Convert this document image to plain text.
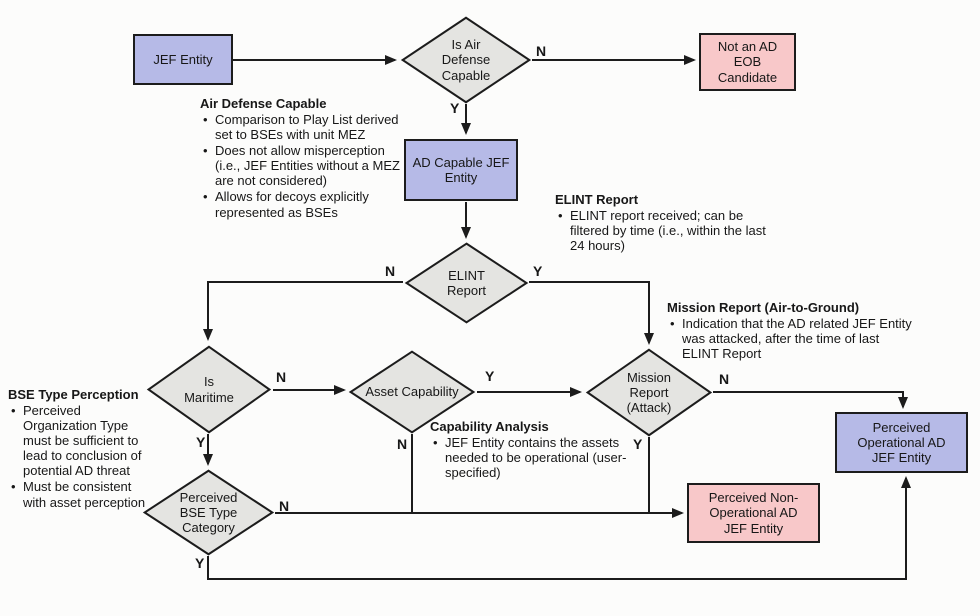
JEF Entity
Not an AD EOB Candidate
AD Capable JEF Entity
Perceived Operational AD JEF Entity
Perceived Non-Operational AD JEF Entity
Is Air Defense Capable
ELINT Report
Is Maritime	Asset Capability
Mission Report (Attack)
Perceived BSE Type Category
N
Y
N	Y
N
Y
Y
N
N
Y
N
Y
Air Defense Capable
• Comparison to Play List derived set to BSEs with unit MEZ
• Does not allow misperception (i.e., JEF Entities without a MEZ are not considered)
• Allows for decoys explicitly represented as BSEs
ELINT Report
• ELINT report received; can be filtered by time (i.e., within the last 24 hours)
Mission Report (Air-to-Ground)
• Indication that the AD related JEF Entity was attacked, after the time of last ELINT Report
BSE Type Perception
• Perceived Organization Type must be sufficient to lead to conclusion of potential AD threat
• Must be consistent with asset perception
Capability Analysis
• JEF Entity contains the assets needed to be operational (user-specified)
